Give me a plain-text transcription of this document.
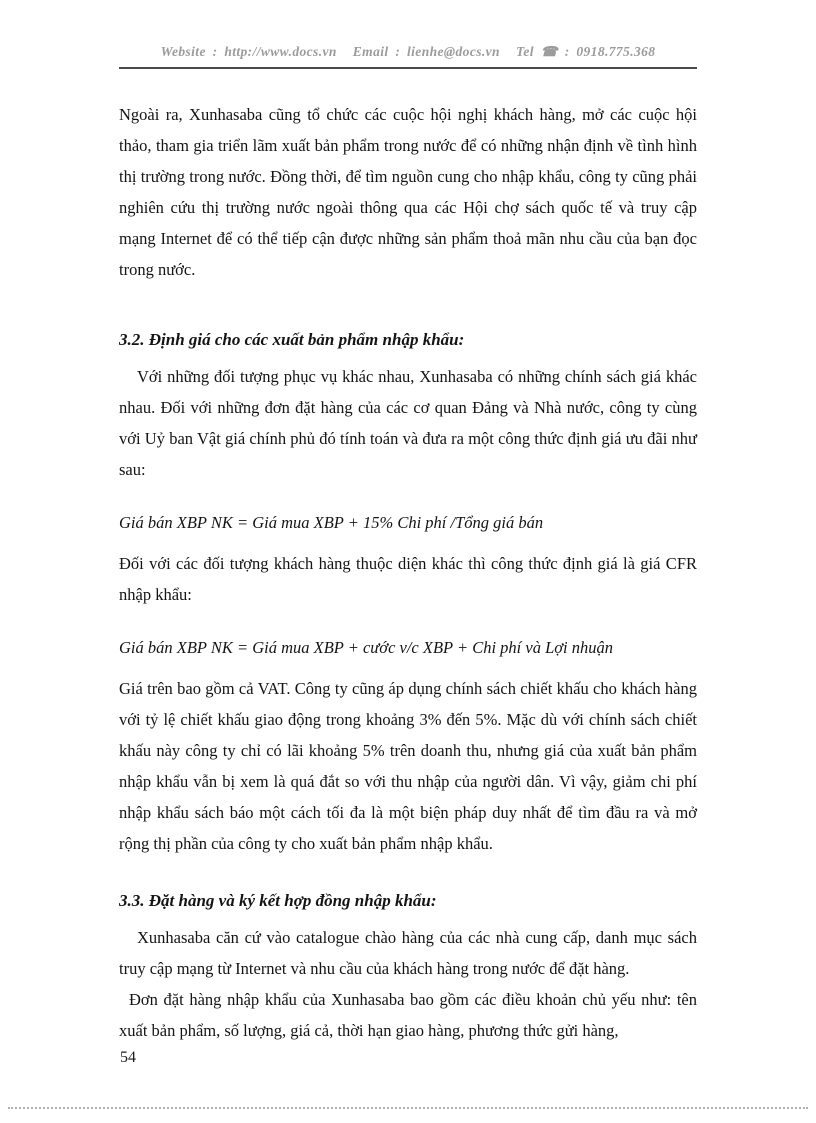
Website : http://www.docs.vn Email : lienhe@docs.vn Tel ☎ : 0918.775.368

Ngoài ra, Xunhasaba cũng tổ chức các cuộc hội nghị khách hàng, mở các cuộc hội thảo, tham gia triển lãm xuất bản phẩm trong nước để có những nhận định về tình hình thị trường trong nước. Đồng thời, để tìm nguồn cung cho nhập khẩu, công ty cũng phải nghiên cứu thị trường nước ngoài thông qua các Hội chợ sách quốc tế và truy cập mạng Internet để có thể tiếp cận được những sản phẩm thoả mãn nhu cầu của bạn đọc trong nước.

3.2. Định giá cho các xuất bản phẩm nhập khẩu:

Với những đối tượng phục vụ khác nhau, Xunhasaba có những chính sách giá khác nhau. Đối với những đơn đặt hàng của các cơ quan Đảng và Nhà nước, công ty cùng với Uỷ ban Vật giá chính phủ đó tính toán và đưa ra một công thức định giá ưu đãi như sau:

Giá bán XBP NK = Giá mua XBP + 15% Chi phí /Tổng giá bán

Đối với các đối tượng khách hàng thuộc diện khác thì công thức định giá là giá CFR nhập khẩu:

Giá bán XBP NK = Giá mua XBP + cước v/c XBP + Chi phí và Lợi nhuận

Giá trên bao gồm cả VAT. Công ty cũng áp dụng chính sách chiết khấu cho khách hàng với tỷ lệ chiết khấu giao động trong khoảng 3% đến 5%. Mặc dù với chính sách chiết khấu này công ty chỉ có lãi khoảng 5% trên doanh thu, nhưng giá của xuất bản phẩm nhập khẩu vẫn bị xem là quá đắt so với thu nhập của người dân. Vì vậy, giảm chi phí nhập khẩu sách báo một cách tối đa là một biện pháp duy nhất để tìm đầu ra và mở rộng thị phần của công ty cho xuất bản phẩm nhập khẩu.

3.3. Đặt hàng và ký kết hợp đồng nhập khẩu:

Xunhasaba căn cứ vào catalogue chào hàng của các nhà cung cấp, danh mục sách truy cập mạng từ Internet và nhu cầu của khách hàng trong nước để đặt hàng.

Đơn đặt hàng nhập khẩu của Xunhasaba bao gồm các điều khoản chủ yếu như: tên xuất bản phẩm, số lượng, giá cả, thời hạn giao hàng, phương thức gửi hàng,

54
